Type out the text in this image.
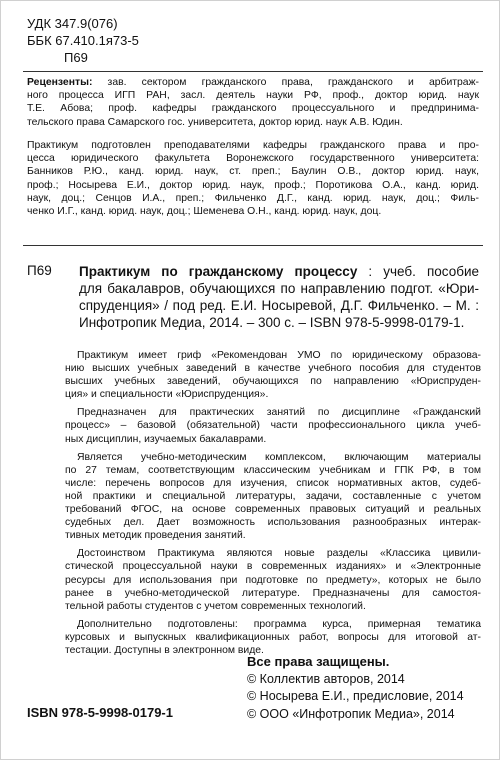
УДК 347.9(076)
ББК 67.410.1я73-5
П69
Рецензенты: зав. сектором гражданского права, гражданского и арбитраж-
ного процесса ИГП РАН, засл. деятель науки РФ, проф., доктор юрид. наук
Т.Е. Абова; проф. кафедры гражданского процессуального и предпринима-
тельского права Самарского гос. университета, доктор юрид. наук А.В. Юдин.
Практикум подготовлен преподавателями кафедры гражданского права и про-
цесса юридического факультета Воронежского государственного университета:
Банников Р.Ю., канд. юрид. наук, ст. преп.; Баулин О.В., доктор юрид. наук,
проф.; Носырева Е.И., доктор юрид. наук, проф.; Поротикова О.А., канд. юрид.
наук, доц.; Сенцов И.А., преп.; Фильченко Д.Г., канд. юрид. наук, доц.; Филь-
ченко И.Г., канд. юрид. наук, доц.; Шеменева О.Н., канд. юрид. наук, доц.
П69 Практикум по гражданскому процессу : учеб. пособие
для бакалавров, обучающихся по направлению подгот. «Юри-
спруденция» / под ред. Е.И. Носыревой, Д.Г. Фильченко. – М. :
Инфотропик Медиа, 2014. – 300 с. – ISBN 978-5-9998-0179-1.
Практикум имеет гриф «Рекомендован УМО по юридическому образова-
нию высших учебных заведений в качестве учебного пособия для студентов
высших учебных заведений, обучающихся по направлению «Юриспруден-
ция» и специальности «Юриспруденция».
Предназначен для практических занятий по дисциплине «Гражданский
процесс» – базовой (обязательной) части профессионального цикла учеб-
ных дисциплин, изучаемых бакалаврами.
Является учебно-методическим комплексом, включающим материалы
по 27 темам, соответствующим классическим учебникам и ГПК РФ, в том
числе: перечень вопросов для изучения, список нормативных актов, судеб-
ной практики и специальной литературы, задачи, составленные с учетом
требований ФГОС, на основе современных правовых ситуаций и реальных
судебных дел. Дает возможность использования разнообразных интерак-
тивных методик проведения занятий.
Достоинством Практикума являются новые разделы «Классика цивили-
стической процессуальной науки в современных изданиях» и «Электронные
ресурсы для использования при подготовке по предмету», которых не было
ранее в учебно-методической литературе. Предназначены для самостоя-
тельной работы студентов с учетом современных технологий.
Дополнительно подготовлены: программа курса, примерная тематика
курсовых и выпускных квалификационных работ, вопросы для итоговой ат-
тестации. Доступны в электронном виде.
Все права защищены.
© Коллектив авторов, 2014
© Носырева Е.И., предисловие, 2014
© ООО «Инфотропик Медиа», 2014
ISBN 978-5-9998-0179-1
